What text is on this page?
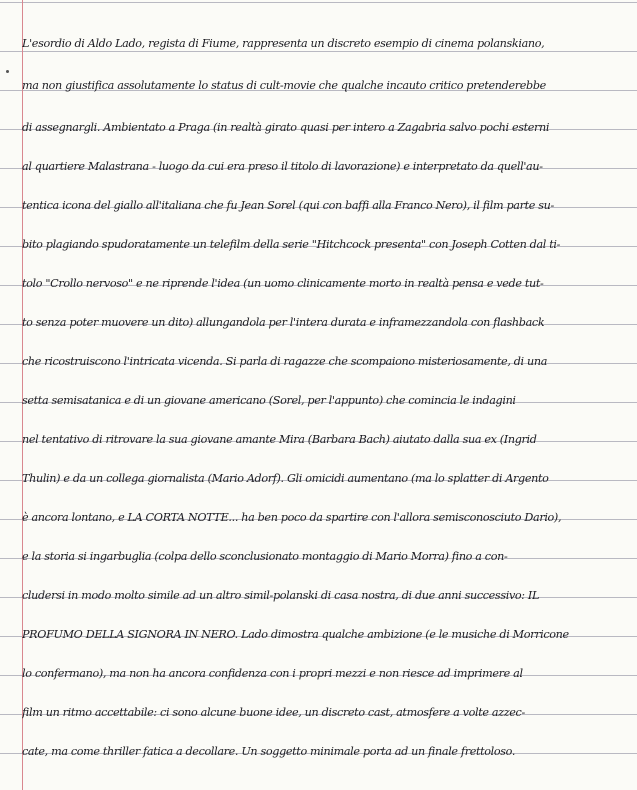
L'esordio di Aldo Lado, regista di Fiume, rappresenta un discreto esempio di cinema polanskiano,
ma non giustifica assolutamente lo status di cult-movie che qualche incauto critico pretenderebbe
di assegnargli. Ambientato a Praga (in realtà girato quasi per intero a Zagabria salvo pochi esterni
al quartiere Malastrana - luogo da cui era preso il titolo di lavorazione) e interpretato da quell'au-
tentica icona del giallo all'italiana che fu Jean Sorel (qui con baffi alla Franco Nero), il film parte su-
bito plagiando spudoratamente un telefilm della serie "Hitchcock presenta" con Joseph Cotten dal ti-
tolo "Crollo nervoso" e ne riprende l'idea (un uomo clinicamente morto in realtà pensa e vede tut-
to senza poter muovere un dito) allungandola per l'intera durata e inframezzandola con flashback
che ricostruiscono l'intricata vicenda. Si parla di ragazze che scompaiono misteriosamente, di una
setta semisatanica e di un giovane americano (Sorel, per l'appunto) che comincia le indagini
nel tentativo di ritrovare la sua giovane amante Mira (Barbara Bach) aiutato dalla sua ex (Ingrid
Thulin) e da un collega giornalista (Mario Adorf). Gli omicidi aumentano (ma lo splatter di Argento
è ancora lontano, e LA CORTA NOTTE... ha ben poco da spartire con l'allora semisconosciuto Dario),
e la storia si ingarbuglia (colpa dello sconclusionato montaggio di Mario Morra) fino a con-
cludersi in modo molto simile ad un altro simil-polanski di casa nostra, di due anni successivo: IL
PROFUMO DELLA SIGNORA IN NERO. Lado dimostra qualche ambizione (e le musiche di Morricone
lo confermano), ma non ha ancora confidenza con i propri mezzi e non riesce ad imprimere al
film un ritmo accettabile: ci sono alcune buone idee, un discreto cast, atmosfere a volte azzec-
cate, ma come thriller fatica a decollare. Un soggetto minimale porta ad un finale frettoloso.
